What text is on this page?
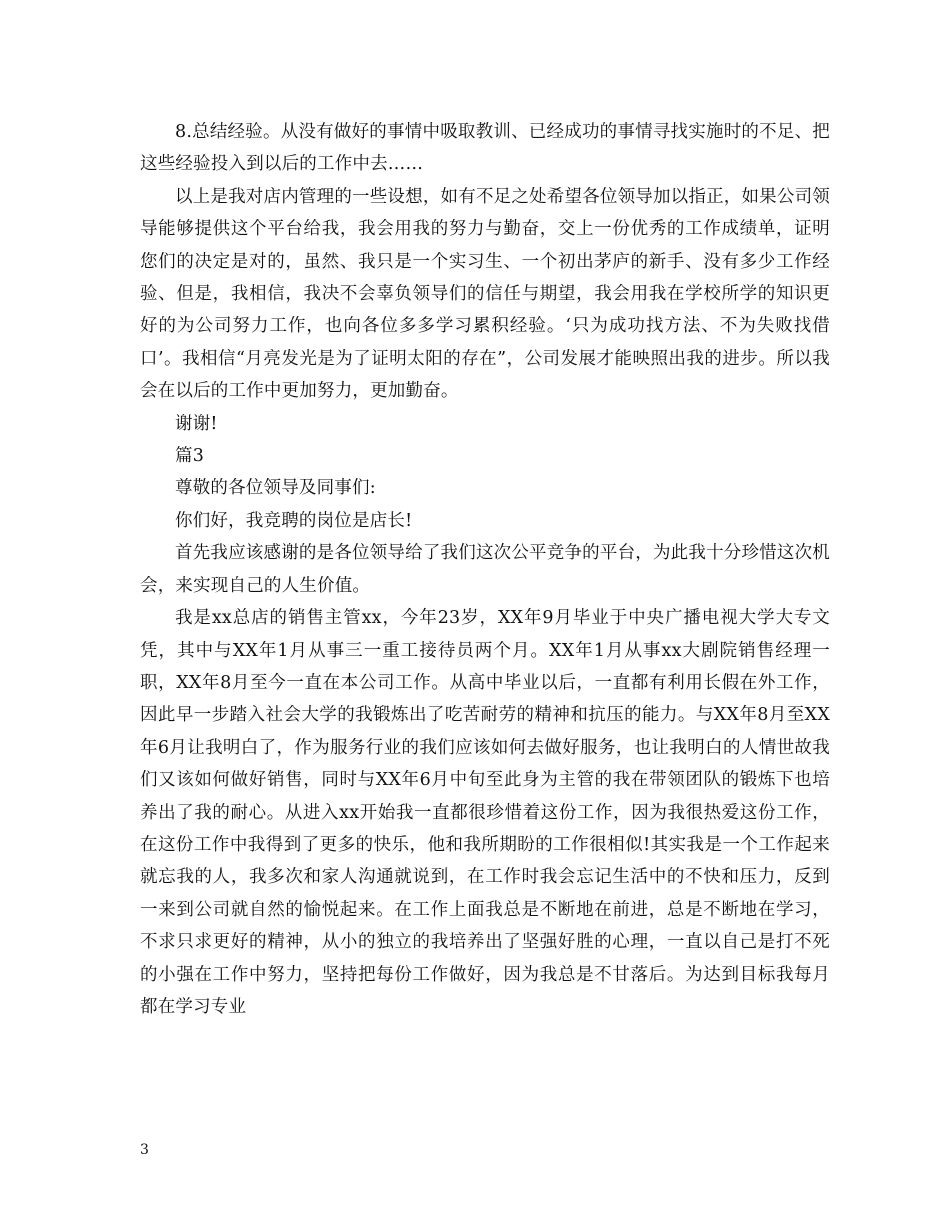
8.总结经验。从没有做好的事情中吸取教训、已经成功的事情寻找实施时的不足、把这些经验投入到以后的工作中去……

以上是我对店内管理的一些设想，如有不足之处希望各位领导加以指正，如果公司领导能够提供这个平台给我，我会用我的努力与勤奋，交上一份优秀的工作成绩单，证明您们的决定是对的，虽然、我只是一个实习生、一个初出茅庐的新手、没有多少工作经验、但是，我相信，我决不会辜负领导们的信任与期望，我会用我在学校所学的知识更好的为公司努力工作，也向各位多多学习累积经验。‘只为成功找方法、不为失败找借口’。我相信“月亮发光是为了证明太阳的存在”，公司发展才能映照出我的进步。所以我会在以后的工作中更加努力，更加勤奋。

谢谢!

篇3

尊敬的各位领导及同事们:

你们好，我竞聘的岗位是店长!

首先我应该感谢的是各位领导给了我们这次公平竞争的平台，为此我十分珍惜这次机会，来实现自己的人生价值。

我是xx总店的销售主管xx，今年23岁，XX年9月毕业于中央广播电视大学大专文凭，其中与XX年1月从事三一重工接待员两个月。XX年1月从事xx大剧院销售经理一职，XX年8月至今一直在本公司工作。从高中毕业以后，一直都有利用长假在外工作，因此早一步踏入社会大学的我锻炼出了吃苦耐劳的精神和抗压的能力。与XX年8月至XX年6月让我明白了，作为服务行业的我们应该如何去做好服务，也让我明白的人情世故我们又该如何做好销售，同时与XX年6月中旬至此身为主管的我在带领团队的锻炼下也培养出了我的耐心。从进入xx开始我一直都很珍惜着这份工作，因为我很热爱这份工作，在这份工作中我得到了更多的快乐，他和我所期盼的工作很相似!其实我是一个工作起来就忘我的人，我多次和家人沟通就说到，在工作时我会忘记生活中的不快和压力，反到一来到公司就自然的愉悦起来。在工作上面我总是不断地在前进，总是不断地在学习，不求只求更好的精神，从小的独立的我培养出了坚强好胜的心理，一直以自己是打不死的小强在工作中努力，坚持把每份工作做好，因为我总是不甘落后。为达到目标我每月都在学习专业

3
